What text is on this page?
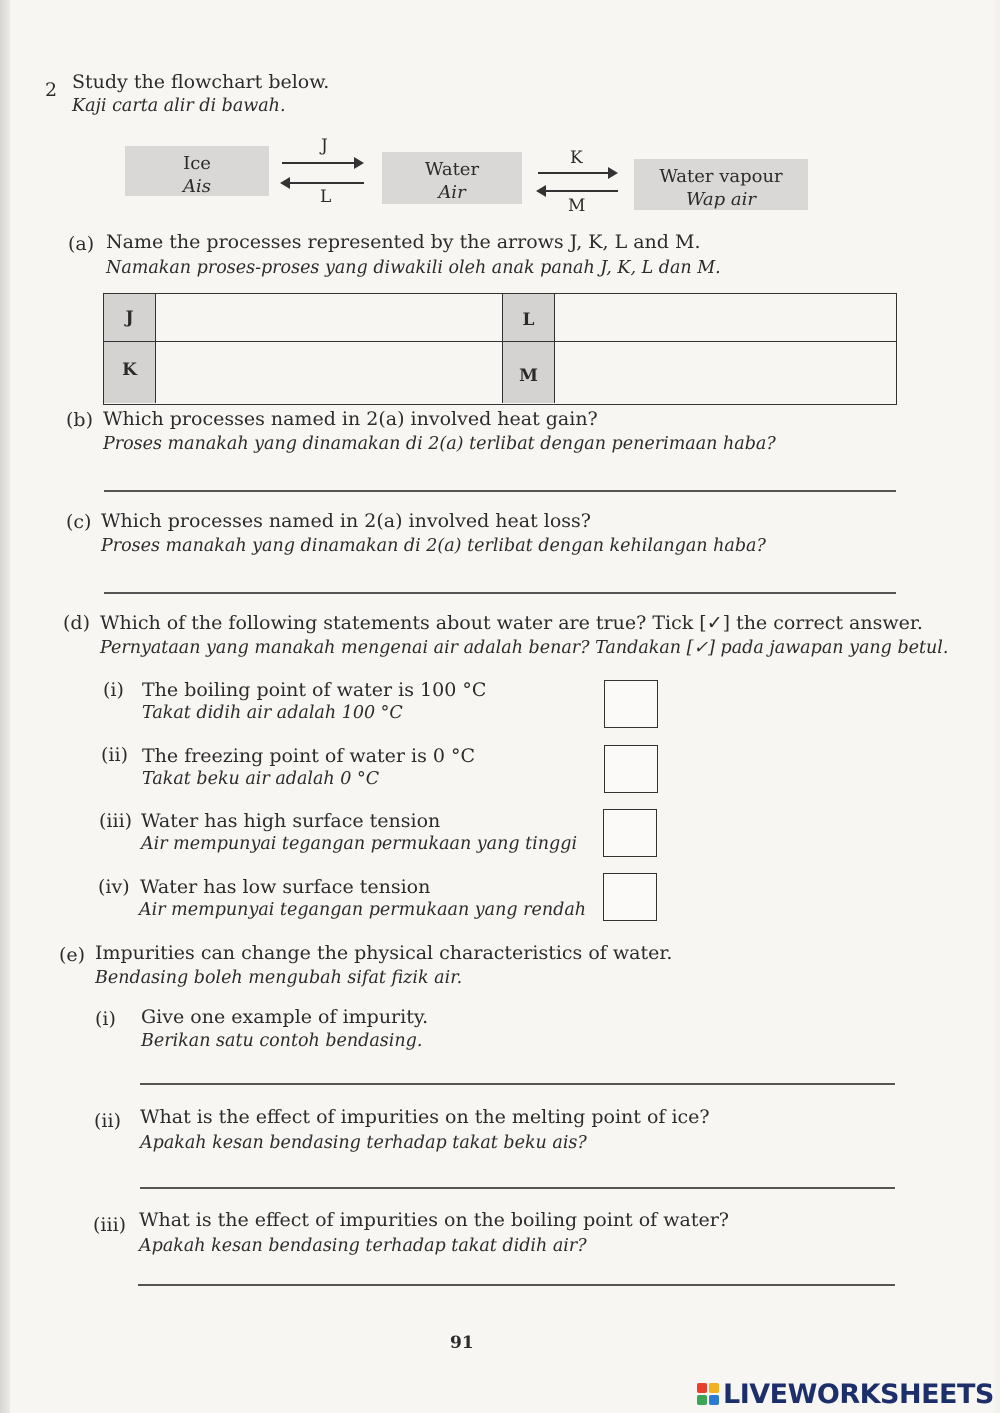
2 Study the flowchart below.
Kaji carta alir di bawah.
Ice
Ais
J
L
Water
Air
K
M
Water vapour
Wap air
(a) Name the processes represented by the arrows J, K, L and M.
Namakan proses-proses yang diwakili oleh anak panah J, K, L dan M.
J	L
K	M
(b) Which processes named in 2(a) involved heat gain?
Proses manakah yang dinamakan di 2(a) terlibat dengan penerimaan haba?
(c) Which processes named in 2(a) involved heat loss?
Proses manakah yang dinamakan di 2(a) terlibat dengan kehilangan haba?
(d) Which of the following statements about water are true? Tick [✓] the correct answer.
Pernyataan yang manakah mengenai air adalah benar? Tandakan [✓] pada jawapan yang betul.
(i) The boiling point of water is 100 °C
Takat didih air adalah 100 °C
(ii) The freezing point of water is 0 °C
Takat beku air adalah 0 °C
(iii) Water has high surface tension
Air mempunyai tegangan permukaan yang tinggi
(iv) Water has low surface tension
Air mempunyai tegangan permukaan yang rendah
(e) Impurities can change the physical characteristics of water.
Bendasing boleh mengubah sifat fizik air.
(i) Give one example of impurity.
Berikan satu contoh bendasing.
(ii) What is the effect of impurities on the melting point of ice?
Apakah kesan bendasing terhadap takat beku ais?
(iii) What is the effect of impurities on the boiling point of water?
Apakah kesan bendasing terhadap takat didih air?
91
LIVEWORKSHEETS
